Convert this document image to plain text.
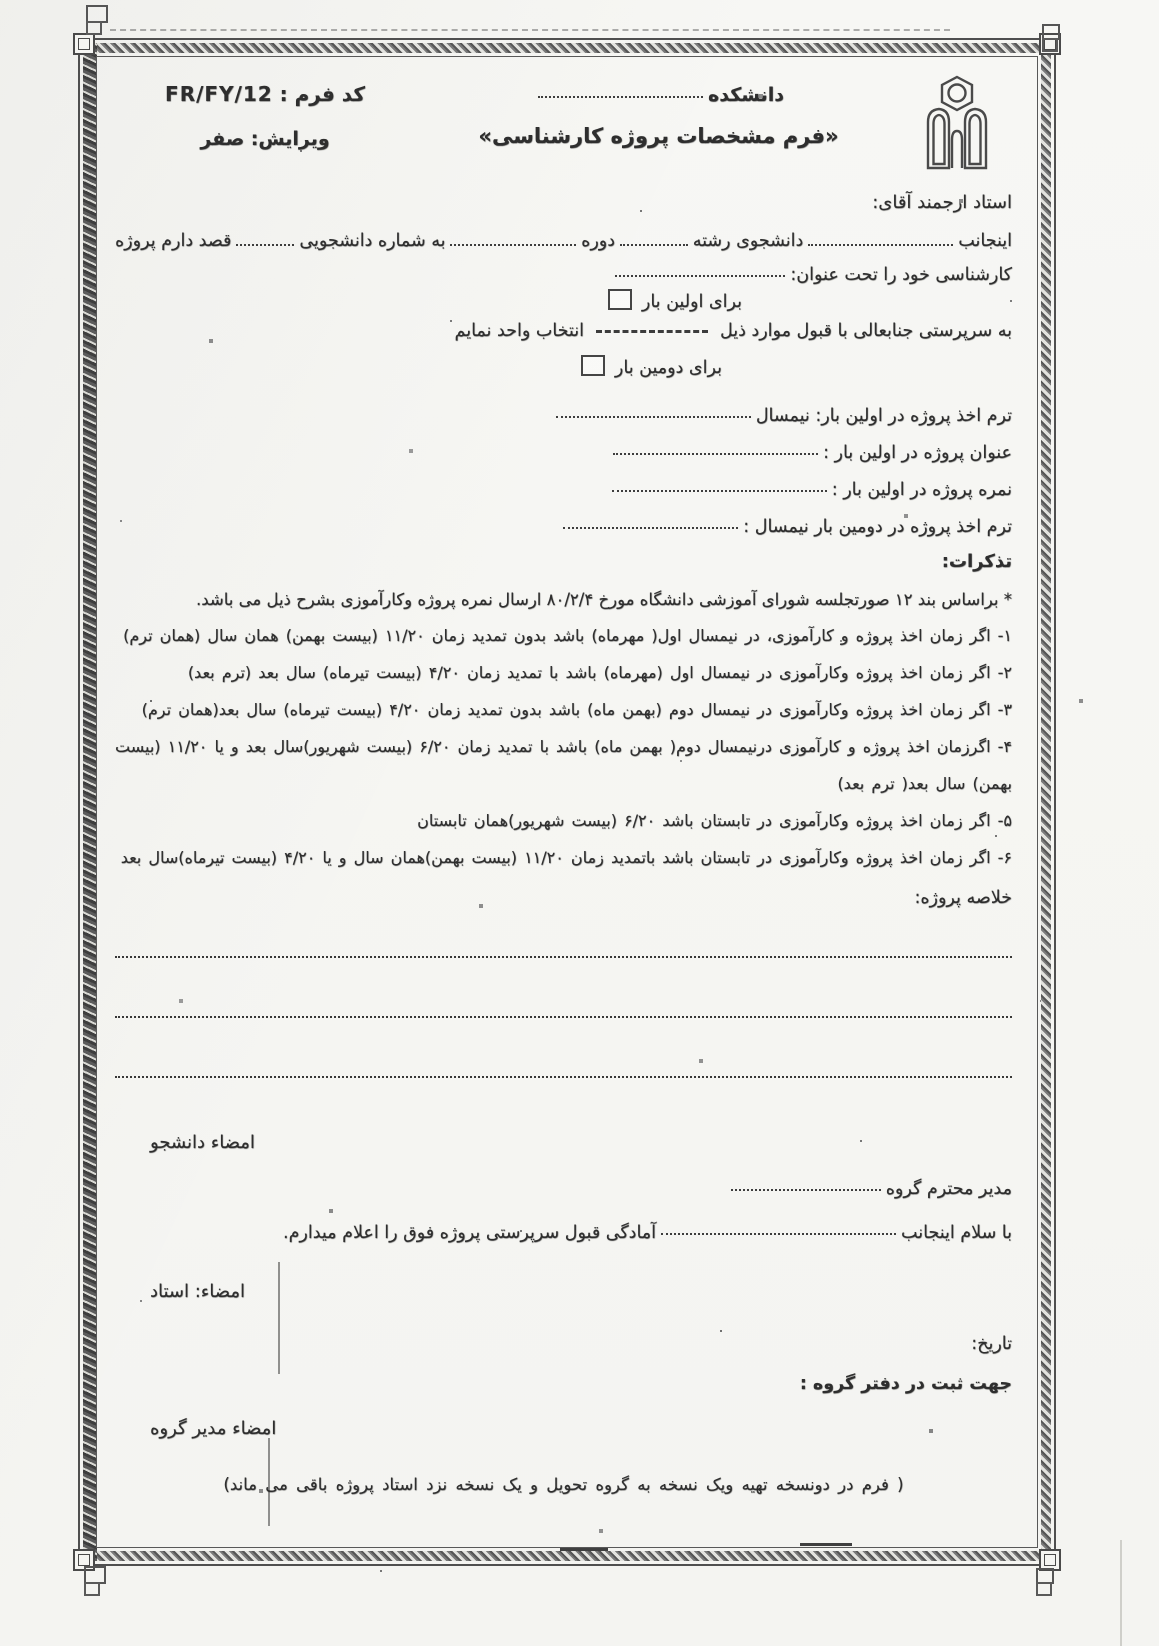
کد فرم : FR/FY/12
ویرایش: صفر
دانشکده
«فرم مشخصات پروژه کارشناسی»
استاد ارجمند آقای:
اینجانب
دانشجوی رشته
دوره
به شماره دانشجویی
قصد دارم پروژه
کارشناسی خود را تحت عنوان:
برای اولین بار
به سرپرستی جنابعالی با قبول موارد ذیل
انتخاب واحد نمایم
برای دومین بار
ترم اخذ پروژه در اولین بار: نیمسال
عنوان پروژه در اولین بار :
نمره پروژه در اولین بار :
ترم اخذ پروژه در دومین بار نیمسال :
تذکرات:
* براساس بند ۱۲ صورتجلسه شورای آموزشی دانشگاه مورخ ۸۰/۲/۴ ارسال نمره پروژه وکارآموزی بشرح ذیل می باشد.
۱- اگر زمان اخذ پروژه و کارآموزی، در نیمسال اول( مهرماه) باشد بدون تمدید زمان ۱۱/۲۰ (بیست بهمن) همان سال (همان ترم)
۲- اگر زمان اخذ پروژه وکارآموزی در نیمسال اول (مهرماه) باشد با تمدید زمان ۴/۲۰ (بیست تیرماه) سال بعد (ترم بعد)
۳- اگر زمان اخذ پروژه وکارآموزی در نیمسال دوم (بهمن ماه) باشد بدون تمدید زمان ۴/۲۰ (بیست تیرماه) سال بعد(همان ترم)
۴- اگرزمان اخذ پروژه و کارآموزی درنیمسال دوم( بهمن ماه) باشد با تمدید زمان ۶/۲۰ (بیست شهریور)سال بعد و یا ۱۱/۲۰ (بیست بهمن) سال بعد( ترم بعد)
۵- اگر زمان اخذ پروژه وکارآموزی در تابستان باشد ۶/۲۰ (بیست شهریور)همان تابستان
۶- اگر زمان اخذ پروژه وکارآموزی در تابستان باشد باتمدید زمان ۱۱/۲۰ (بیست بهمن)همان سال و یا ۴/۲۰ (بیست تیرماه)سال بعد
خلاصه پروژه:
امضاء دانشجو
مدیر محترم گروه
با سلام اینجانبآمادگی قبول سرپرستی پروژه فوق را اعلام میدارم.
امضاء: استاد
تاریخ:
جهت ثبت در دفتر گروه :
امضاء مدیر گروه
( فرم در دونسخه تهیه ویک نسخه به گروه تحویل و یک نسخه نزد استاد پروژه باقی می ماند)
